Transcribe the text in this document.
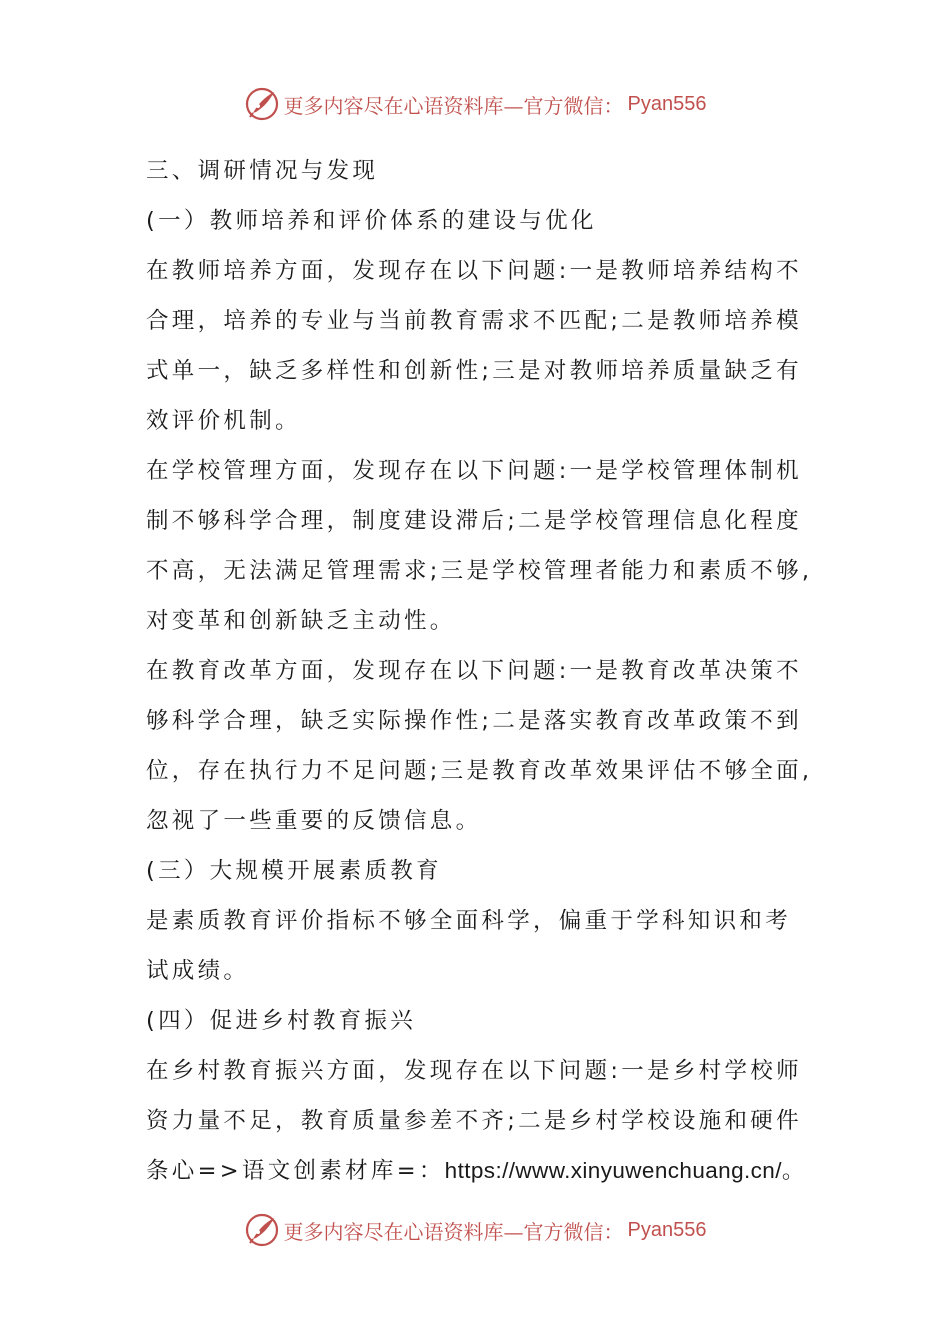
更多内容尽在心语资料库—官方微信： Pyan556
三、调研情况与发现
(一）教师培养和评价体系的建设与优化
在教师培养方面，发现存在以下问题:一是教师培养结构不
合理，培养的专业与当前教育需求不匹配;二是教师培养模
式单一，缺乏多样性和创新性;三是对教师培养质量缺乏有
效评价机制。
在学校管理方面，发现存在以下问题:一是学校管理体制机
制不够科学合理，制度建设滞后;二是学校管理信息化程度
不高，无法满足管理需求;三是学校管理者能力和素质不够,
对变革和创新缺乏主动性。
在教育改革方面，发现存在以下问题:一是教育改革决策不
够科学合理，缺乏实际操作性;二是落实教育改革政策不到
位，存在执行力不足问题;三是教育改革效果评估不够全面,
忽视了一些重要的反馈信息。
(三）大规模开展素质教育
是素质教育评价指标不够全面科学，偏重于学科知识和考
试成绩。
(四）促进乡村教育振兴
在乡村教育振兴方面，发现存在以下问题:一是乡村学校师
资力量不足，教育质量参差不齐;二是乡村学校设施和硬件
条心=>语文创素材库=：https://www.xinyuwenchuang.cn/。
更多内容尽在心语资料库—官方微信： Pyan556
